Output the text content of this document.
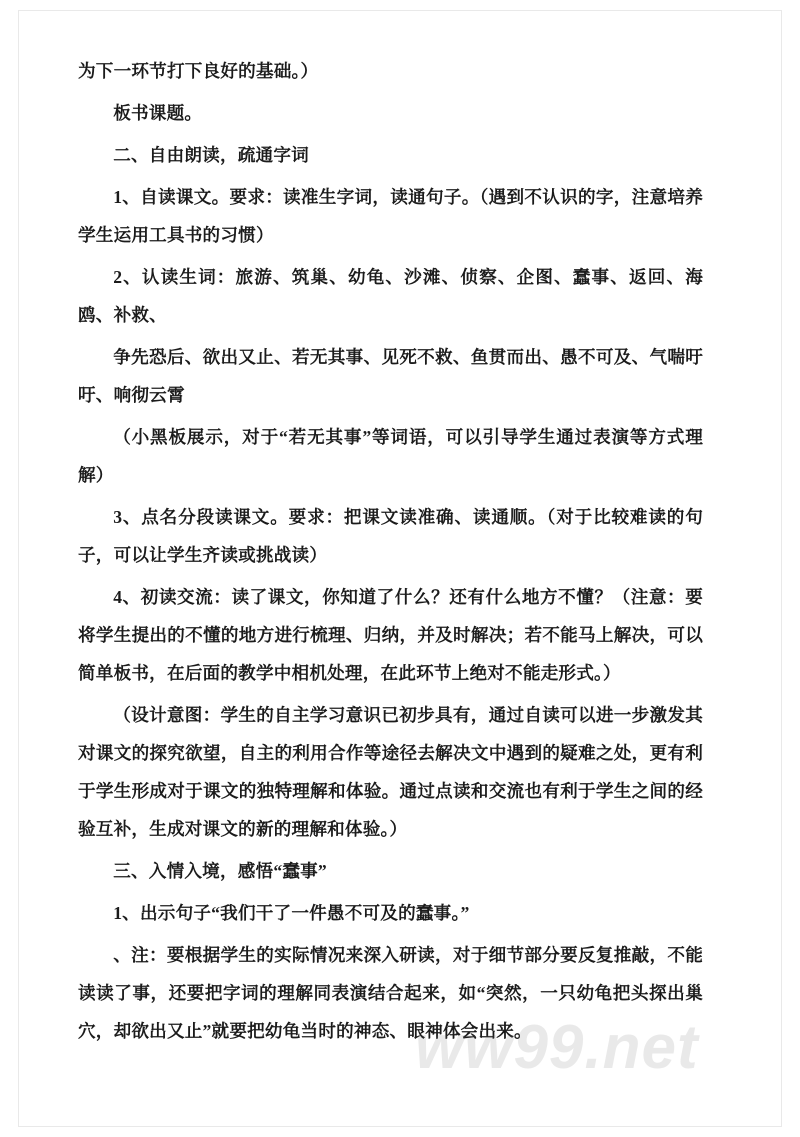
为下一环节打下良好的基础。）

板书课题。

二、自由朗读，疏通字词

1、自读课文。要求：读准生字词，读通句子。（遇到不认识的字，注意培养学生运用工具书的习惯）

2、认读生词：旅游、筑巢、幼龟、沙滩、侦察、企图、蠢事、返回、海鸥、补救、

争先恐后、欲出又止、若无其事、见死不救、鱼贯而出、愚不可及、气喘吁吁、响彻云霄

（小黑板展示，对于“若无其事”等词语，可以引导学生通过表演等方式理解）

3、点名分段读课文。要求：把课文读准确、读通顺。（对于比较难读的句子，可以让学生齐读或挑战读）

4、初读交流：读了课文，你知道了什么？还有什么地方不懂？（注意：要将学生提出的不懂的地方进行梳理、归纳，并及时解决；若不能马上解决，可以简单板书，在后面的教学中相机处理，在此环节上绝对不能走形式。）

（设计意图：学生的自主学习意识已初步具有，通过自读可以进一步激发其对课文的探究欲望，自主的利用合作等途径去解决文中遇到的疑难之处，更有利于学生形成对于课文的独特理解和体验。通过点读和交流也有利于学生之间的经验互补，生成对课文的新的理解和体验。）

三、入情入境，感悟“蠢事”

1、出示句子“我们干了一件愚不可及的蠢事。”

、注：要根据学生的实际情况来深入研读，对于细节部分要反复推敲，不能读读了事，还要把字词的理解同表演结合起来，如“突然，一只幼龟把头探出巢穴，却欲出又止”就要把幼龟当时的神态、眼神体会出来。

ww99.net
